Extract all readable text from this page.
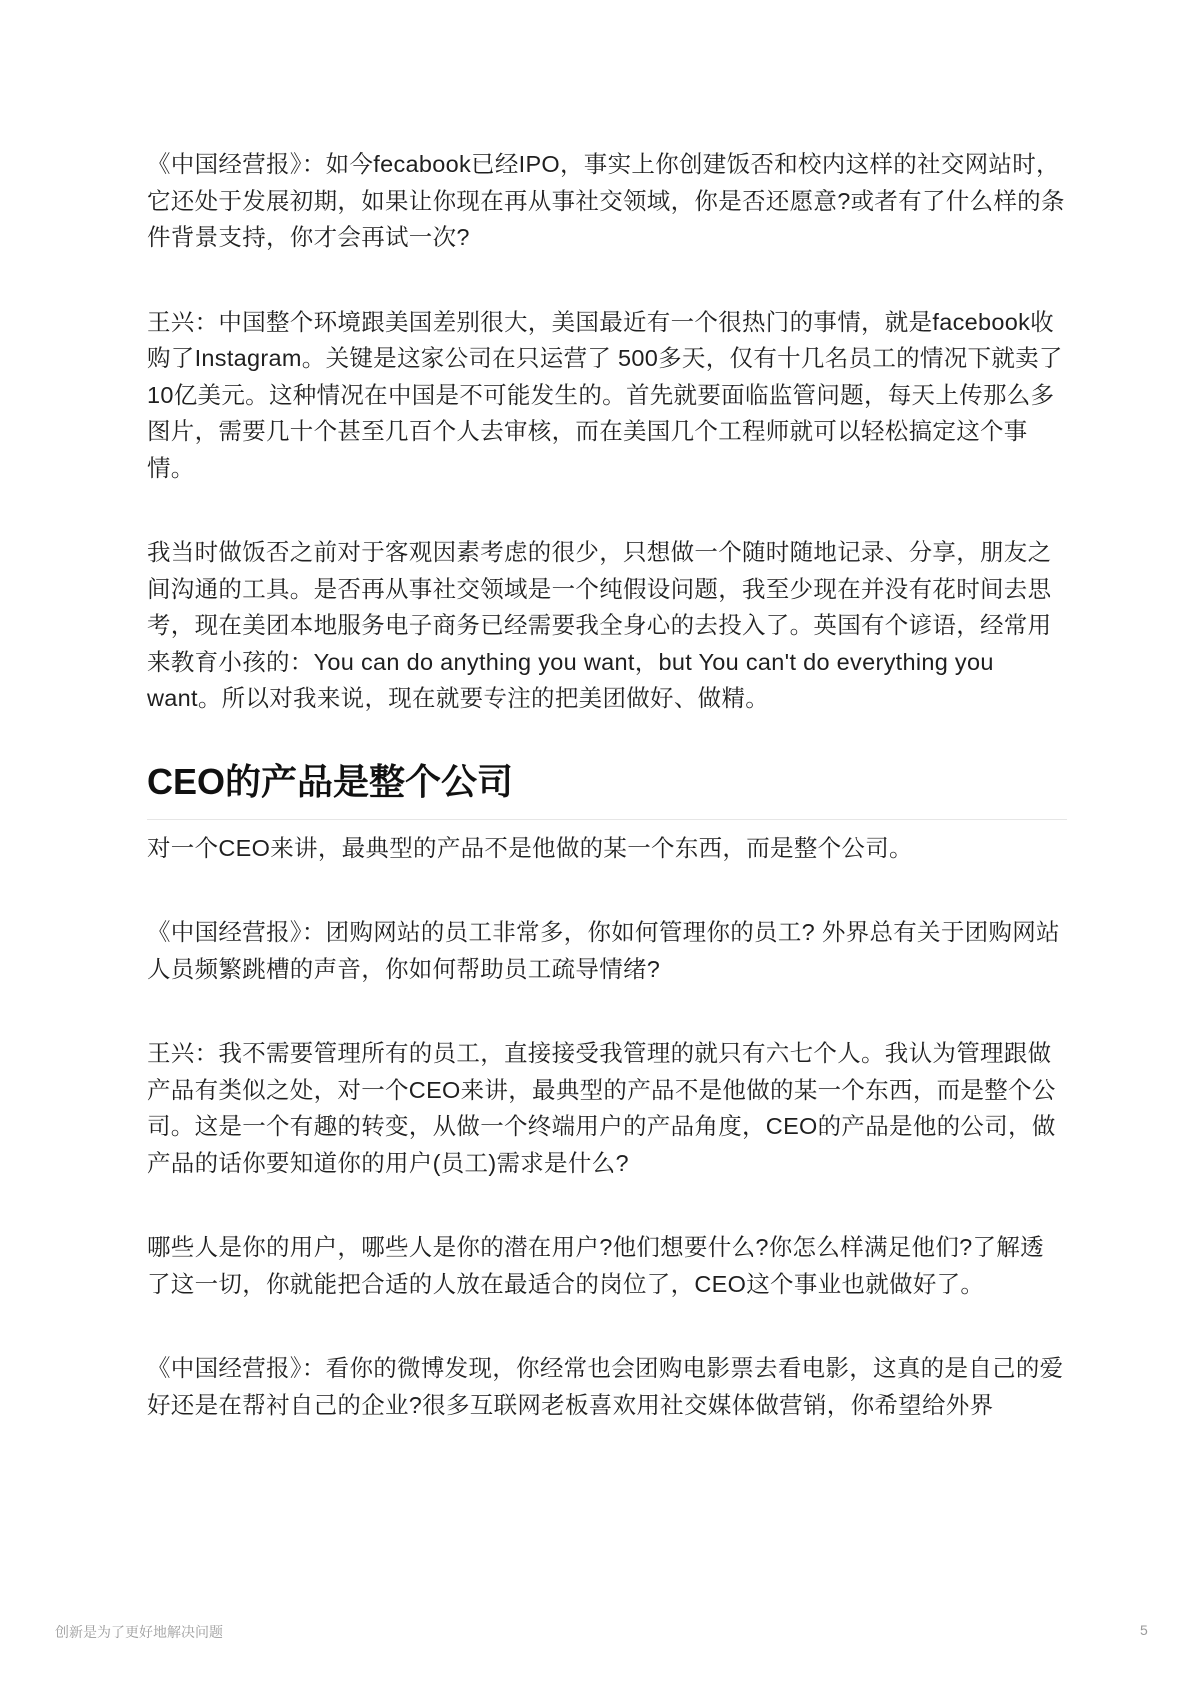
《中国经营报》：如今fecabook已经IPO，事实上你创建饭否和校内这样的社交网站时，它还处于发展初期，如果让你现在再从事社交领域，你是否还愿意?或者有了什么样的条件背景支持，你才会再试一次?

王兴：中国整个环境跟美国差别很大，美国最近有一个很热门的事情，就是facebook收购了Instagram。关键是这家公司在只运营了 500多天，仅有十几名员工的情况下就卖了10亿美元。这种情况在中国是不可能发生的。首先就要面临监管问题，每天上传那么多图片，需要几十个甚至几百个人去审核，而在美国几个工程师就可以轻松搞定这个事情。

我当时做饭否之前对于客观因素考虑的很少，只想做一个随时随地记录、分享，朋友之间沟通的工具。是否再从事社交领域是一个纯假设问题，我至少现在并没有花时间去思考，现在美团本地服务电子商务已经需要我全身心的去投入了。英国有个谚语，经常用来教育小孩的：You can do anything you want，but You can't do everything you want。所以对我来说，现在就要专注的把美团做好、做精。

CEO的产品是整个公司

对一个CEO来讲，最典型的产品不是他做的某一个东西，而是整个公司。

《中国经营报》：团购网站的员工非常多，你如何管理你的员工? 外界总有关于团购网站人员频繁跳槽的声音，你如何帮助员工疏导情绪?

王兴：我不需要管理所有的员工，直接接受我管理的就只有六七个人。我认为管理跟做产品有类似之处，对一个CEO来讲，最典型的产品不是他做的某一个东西，而是整个公司。这是一个有趣的转变，从做一个终端用户的产品角度，CEO的产品是他的公司，做产品的话你要知道你的用户(员工)需求是什么?

哪些人是你的用户，哪些人是你的潜在用户?他们想要什么?你怎么样满足他们?了解透了这一切，你就能把合适的人放在最适合的岗位了，CEO这个事业也就做好了。

《中国经营报》：看你的微博发现，你经常也会团购电影票去看电影，这真的是自己的爱好还是在帮衬自己的企业?很多互联网老板喜欢用社交媒体做营销，你希望给外界

创新是为了更好地解决问题	5
